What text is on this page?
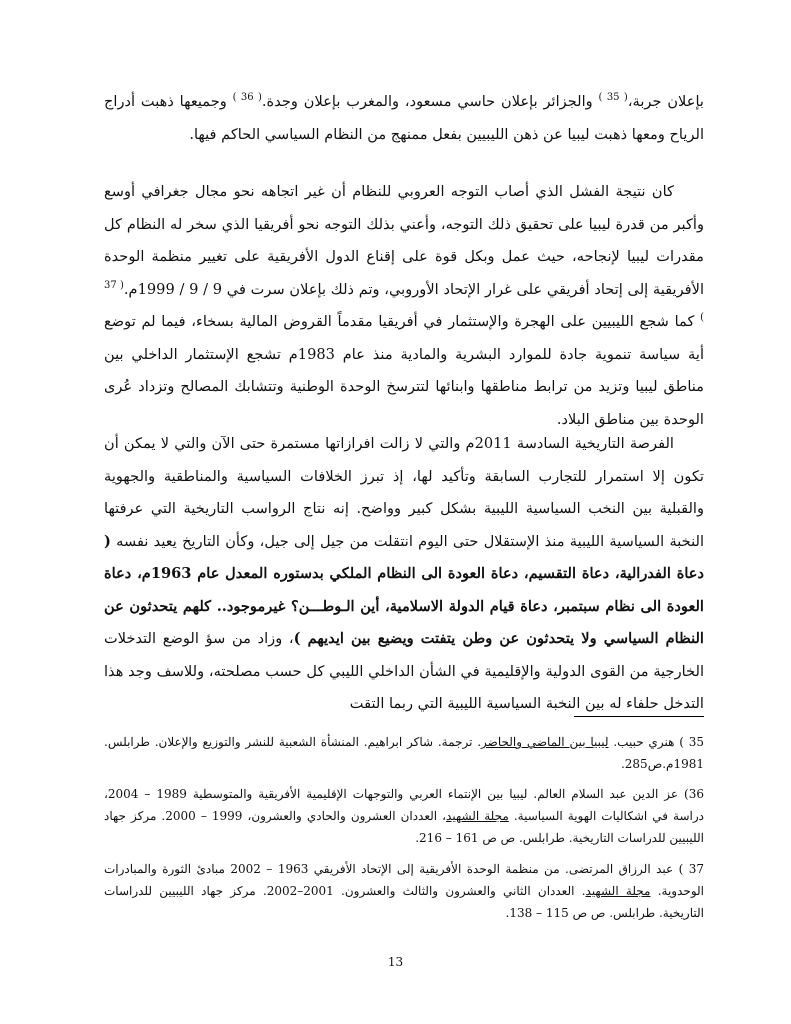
بإعلان جربة،$^{( 35 )}$ والجزائر بإعلان حاسي مسعود، والمغرب بإعلان وجدة.$^{( 36 )}$ وجميعها ذهبت أدراج الرياح ومعها ذهبت ليبيا عن ذهن الليبيين بفعل ممنهج من النظام السياسي الحاكم فيها.

كان نتيجة الفشل الذي أصاب التوجه العروبي للنظام أن غير اتجاهه نحو مجال جغرافي أوسع وأكبر من قدرة ليبيا على تحقيق ذلك التوجه، وأعني بذلك التوجه نحو أفريقيا الذي سخر له النظام كل مقدرات ليبيا لإنجاحه، حيث عمل وبكل قوة على إقناع الدول الأفريقية على تغيير منظمة الوحدة الأفريقية إلى إتحاد أفريقي على غرار الإتحاد الأوروبي، وتم ذلك بإعلان سرت في 9 / 9 / 1999م.$^{( 37 )}$ كما شجع الليبيين على الهجرة والإستثمار في أفريقيا مقدماً القروض المالية بسخاء، فيما لم توضع أية سياسة تنموية جادة للموارد البشرية والمادية منذ عام 1983م تشجع الإستثمار الداخلي بين مناطق ليبيا وتزيد من ترابط مناطقها وابنائها لتترسخ الوحدة الوطنية وتتشابك المصالح وتزداد عُرى الوحدة بين مناطق البلاد.

الفرصة التاريخية السادسة 2011م والتي لا زالت افرازاتها مستمرة حتى الآن والتي لا يمكن أن تكون إلا استمرار للتجارب السابقة وتأكيد لها، إذ تبرز الخلافات السياسية والمناطقية والجهوية والقبلية بين النخب السياسية الليبية بشكل كبير وواضح. إنه نتاج الرواسب التاريخية التي عرفتها النخبة السياسية الليبية منذ الإستقلال حتى اليوم انتقلت من جيل إلى جيل، وكأن التاريخ يعيد نفسه ( دعاة الفدرالية، دعاة التقسيم، دعاة العودة الى النظام الملكي بدستوره المعدل عام 1963م، دعاة العودة الى نظام سبتمبر، دعاة قيام الدولة الاسلامية، أين الـوطـــن؟ غيرموجود.. كلهم يتحدثون عن النظام السياسي ولا يتحدثون عن وطن يتفتت ويضيع بين ايديهم )، وزاد من سؤ الوضع التدخلات الخارجية من القوى الدولية والإقليمية في الشأن الداخلي الليبي كل حسب مصلحته، وللاسف وجد هذا التدخل حلفاء له بين النخبة السياسية الليبية التي ربما التقت

35 ) هنري حبيب. ليبيا بين الماضي والحاضر. ترجمة. شاكر ابراهيم. المنشأة الشعبية للنشر والتوزيع والإعلان. طرابلس. 1981م.ص285.

36) عز الدين عبد السلام العالم. ليبيا بين الإنتماء العربي والتوجهات الإقليمية الأفريقية والمتوسطية 1989 – 2004، دراسة في اشكاليات الهوية السياسية. مجلة الشهيد، العددان العشرون والحادي والعشرون، 1999 – 2000. مركز جهاد الليبيين للدراسات التاريخية. طرابلس. ص ص 161 – 216.

37 ) عبد الرزاق المرتضى. من منظمة الوحدة الأفريقية إلى الإتحاد الأفريقي 1963 – 2002 مبادئ الثورة والمبادرات الوحدوية. مجلة الشهيد. العددان الثاني والعشرون والثالث والعشرون. 2001–2002. مركز جهاد الليبيين للدراسات التاريخية. طرابلس. ص ص 115 – 138.

13
